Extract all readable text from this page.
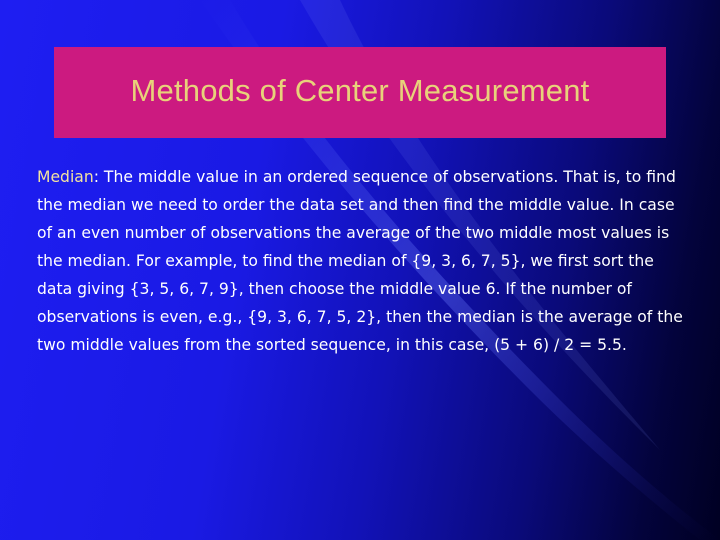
Methods of Center Measurement

Median: The middle value in an ordered sequence of observations. That is, to find the median we need to order the data set and then find the middle value. In case of an even number of observations the average of the two middle most values is the median. For example, to find the median of {9, 3, 6, 7, 5}, we first sort the data giving {3, 5, 6, 7, 9}, then choose the middle value 6. If the number of observations is even, e.g., {9, 3, 6, 7, 5, 2}, then the median is the average of the two middle values from the sorted sequence, in this case, (5 + 6) / 2 = 5.5.
